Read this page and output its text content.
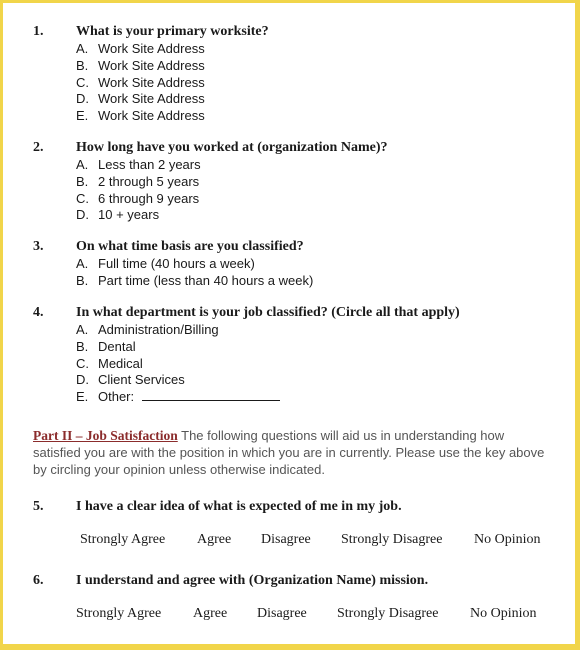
1. What is your primary worksite?
A. Work Site Address
B. Work Site Address
C. Work Site Address
D. Work Site Address
E. Work Site Address
2. How long have you worked at (organization Name)?
A. Less than 2 years
B. 2 through 5 years
C. 6 through 9 years
D. 10 + years
3. On what time basis are you classified?
A. Full time (40 hours a week)
B. Part time (less than 40 hours a week)
4. In what department is your job classified? (Circle all that apply)
A. Administration/Billing
B. Dental
C. Medical
D. Client Services
E. Other:
Part II – Job Satisfaction The following questions will aid us in understanding how satisfied you are with the position in which you are in currently. Please use the key above by circling your opinion unless otherwise indicated.
5. I have a clear idea of what is expected of me in my job.
Strongly Agree Agree Disagree Strongly Disagree No Opinion
6. I understand and agree with (Organization Name) mission.
Strongly Agree Agree Disagree Strongly Disagree No Opinion
